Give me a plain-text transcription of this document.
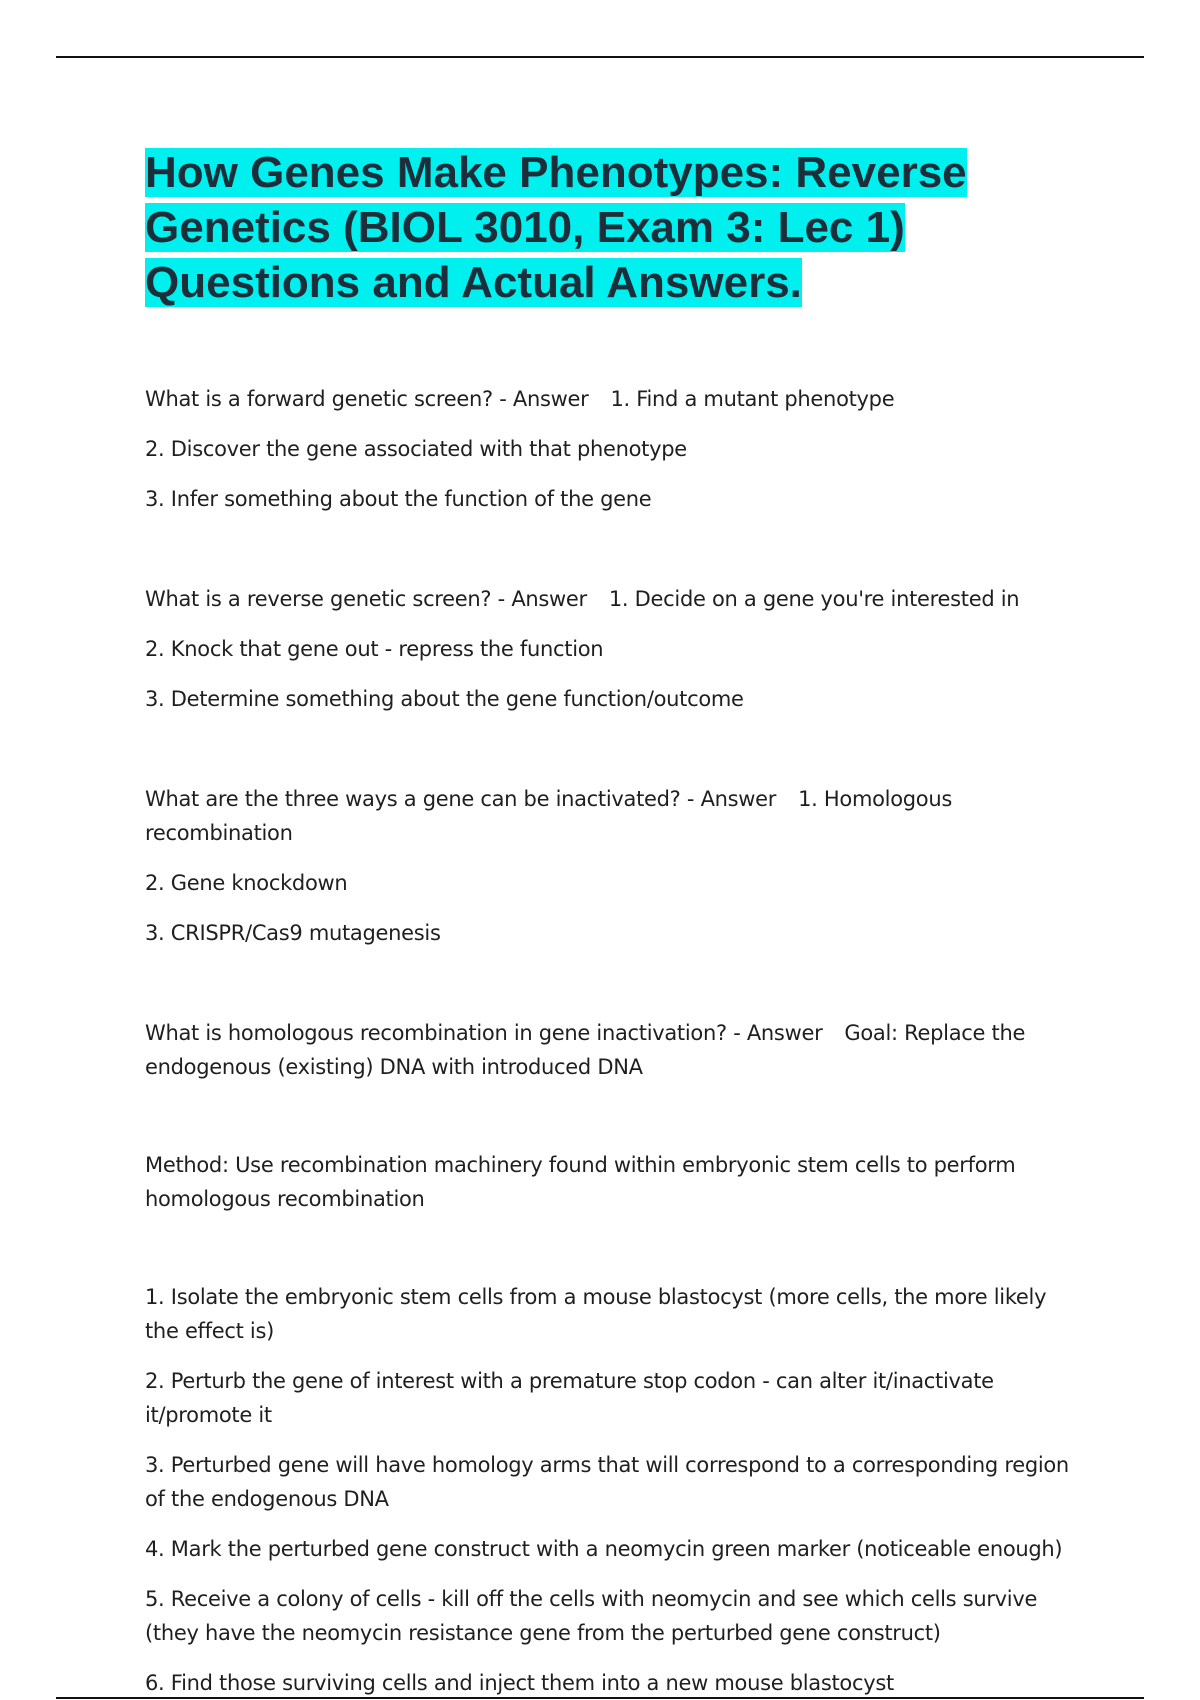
How Genes Make Phenotypes: Reverse Genetics (BIOL 3010, Exam 3: Lec 1) Questions and Actual Answers.

What is a forward genetic screen? - Answer 1. Find a mutant phenotype

2. Discover the gene associated with that phenotype

3. Infer something about the function of the gene

What is a reverse genetic screen? - Answer 1. Decide on a gene you're interested in

2. Knock that gene out - repress the function

3. Determine something about the gene function/outcome

What are the three ways a gene can be inactivated? - Answer 1. Homologous recombination

2. Gene knockdown

3. CRISPR/Cas9 mutagenesis

What is homologous recombination in gene inactivation? - Answer Goal: Replace the endogenous (existing) DNA with introduced DNA

Method: Use recombination machinery found within embryonic stem cells to perform homologous recombination

1. Isolate the embryonic stem cells from a mouse blastocyst (more cells, the more likely the effect is)

2. Perturb the gene of interest with a premature stop codon - can alter it/inactivate it/promote it

3. Perturbed gene will have homology arms that will correspond to a corresponding region of the endogenous DNA

4. Mark the perturbed gene construct with a neomycin green marker (noticeable enough)

5. Receive a colony of cells - kill off the cells with neomycin and see which cells survive (they have the neomycin resistance gene from the perturbed gene construct)

6. Find those surviving cells and inject them into a new mouse blastocyst
